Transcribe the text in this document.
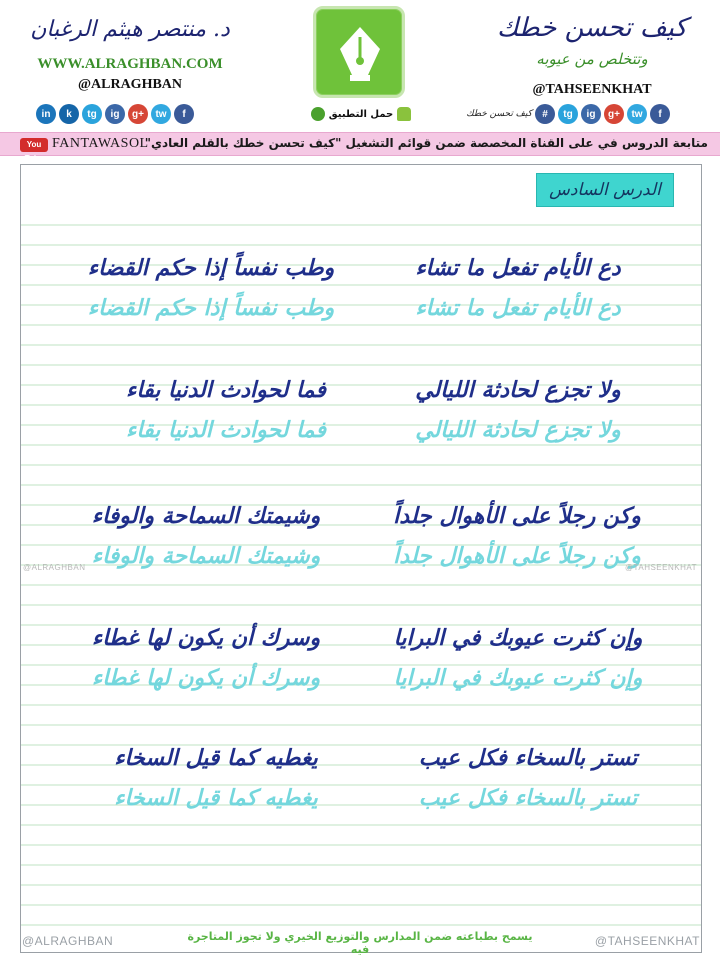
د. منتصر هيثم الرغبان
WWW.ALRAGHBAN.COM
@ALRAGHBAN
حمل التطبيق
كيف تحسن خطك
وتتخلص من عيوبه
@TAHSEENKHAT
in	k	tg	ig	g+	tw	f	كيف تحسن خطك	#	tg	ig	g+	tw	f
You Tube
FANTAWASOL
متابعة الدروس في على القناة المخصصة ضمن قوائم التشغيل "كيف تحسن خطك بالقلم العادي"
الدرس السادس
دع الأيام تفعل ما تشاء
دع الأيام تفعل ما تشاء
وطب نفساً إذا حكم القضاء
وطب نفساً إذا حكم القضاء
ولا تجزع لحادثة الليالي
ولا تجزع لحادثة الليالي
فما لحوادث الدنيا بقاء
فما لحوادث الدنيا بقاء
وكن رجلاً على الأهوال جلداً
وكن رجلاً على الأهوال جلداً
وشيمتك السماحة والوفاء
وشيمتك السماحة والوفاء
وإن كثرت عيوبك في البرايا
وإن كثرت عيوبك في البرايا
وسرك أن يكون لها غطاء
وسرك أن يكون لها غطاء
تستر بالسخاء فكل عيب
تستر بالسخاء فكل عيب
يغطيه كما قيل السخاء
يغطيه كما قيل السخاء
@ALRAGHBAN	@TAHSEENKHAT
@ALRAGHBAN	يسمح بطباعته ضمن المدارس والتوزيع الخيري ولا تجوز المتاجرة فيه
@TAHSEENKHAT
